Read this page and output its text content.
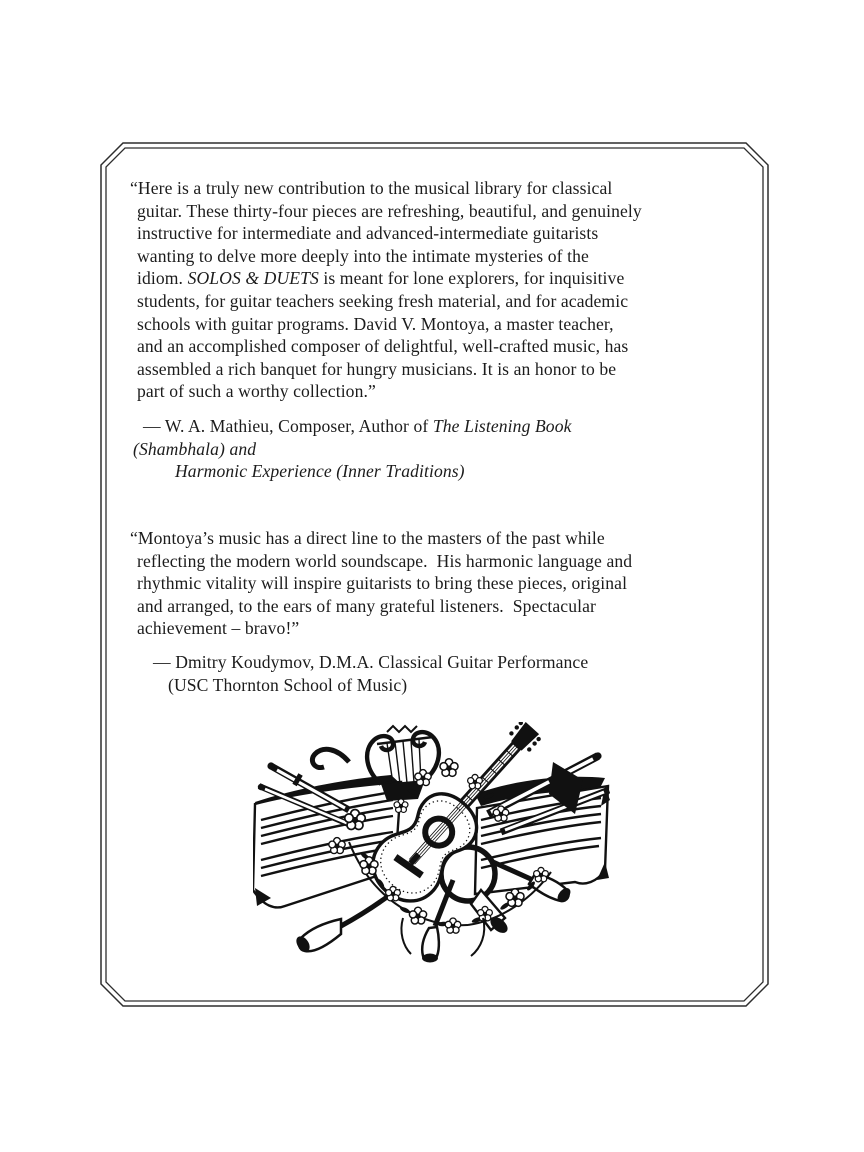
“Here is a truly new contribution to the musical library for classical
guitar. These thirty-four pieces are refreshing, beautiful, and genuinely
instructive for intermediate and advanced-intermediate guitarists
wanting to delve more deeply into the intimate mysteries of the
idiom. SOLOS & DUETS is meant for lone explorers, for inquisitive
students, for guitar teachers seeking fresh material, and for academic
schools with guitar programs. David V. Montoya, a master teacher,
and an accomplished composer of delightful, well-crafted music, has
assembled a rich banquet for hungry musicians. It is an honor to be
part of such a worthy collection.”
— W. A. Mathieu, Composer, Author of The Listening Book
(Shambhala) and
Harmonic Experience (Inner Traditions)
“Montoya’s music has a direct line to the masters of the past while
reflecting the modern world soundscape.  His harmonic language and
rhythmic vitality will inspire guitarists to bring these pieces, original
and arranged, to the ears of many grateful listeners.  Spectacular
achievement – bravo!”
— Dmitry Koudymov, D.M.A. Classical Guitar Performance
(USC Thornton School of Music)
